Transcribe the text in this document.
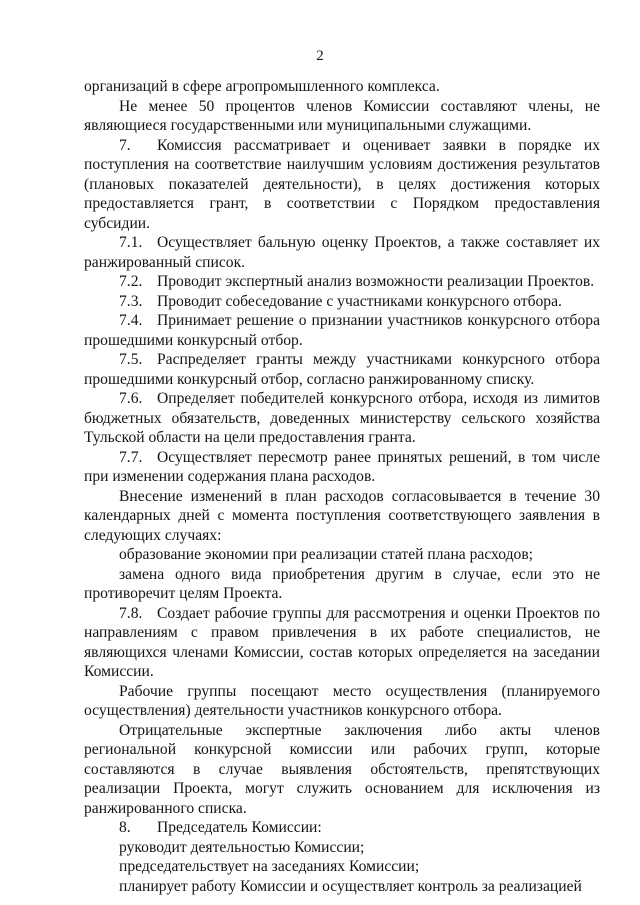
2

организаций в сфере агропромышленного комплекса.

Не менее 50 процентов членов Комиссии составляют члены, не являющиеся государственными или муниципальными служащими.

7. Комиссия рассматривает и оценивает заявки в порядке их поступления на соответствие наилучшим условиям достижения результатов (плановых показателей деятельности), в целях достижения которых предоставляется грант, в соответствии с Порядком предоставления субсидии.

7.1. Осуществляет бальную оценку Проектов, а также составляет их ранжированный список.

7.2. Проводит экспертный анализ возможности реализации Проектов.

7.3. Проводит собеседование с участниками конкурсного отбора.

7.4. Принимает решение о признании участников конкурсного отбора прошедшими конкурсный отбор.

7.5. Распределяет гранты между участниками конкурсного отбора прошедшими конкурсный отбор, согласно ранжированному списку.

7.6. Определяет победителей конкурсного отбора, исходя из лимитов бюджетных обязательств, доведенных министерству сельского хозяйства Тульской области на цели предоставления гранта.

7.7. Осуществляет пересмотр ранее принятых решений, в том числе при изменении содержания плана расходов.

Внесение изменений в план расходов согласовывается в течение 30 календарных дней с момента поступления соответствующего заявления в следующих случаях:

образование экономии при реализации статей плана расходов;

замена одного вида приобретения другим в случае, если это не противоречит целям Проекта.

7.8. Создает рабочие группы для рассмотрения и оценки Проектов по направлениям с правом привлечения в их работе специалистов, не являющихся членами Комиссии, состав которых определяется на заседании Комиссии.

Рабочие группы посещают место осуществления (планируемого осуществления) деятельности участников конкурсного отбора.

Отрицательные экспертные заключения либо акты членов региональной конкурсной комиссии или рабочих групп, которые составляются в случае выявления обстоятельств, препятствующих реализации Проекта, могут служить основанием для исключения из ранжированного списка.

8. Председатель Комиссии:

руководит деятельностью Комиссии;

председательствует на заседаниях Комиссии;

планирует работу Комиссии и осуществляет контроль за реализацией
